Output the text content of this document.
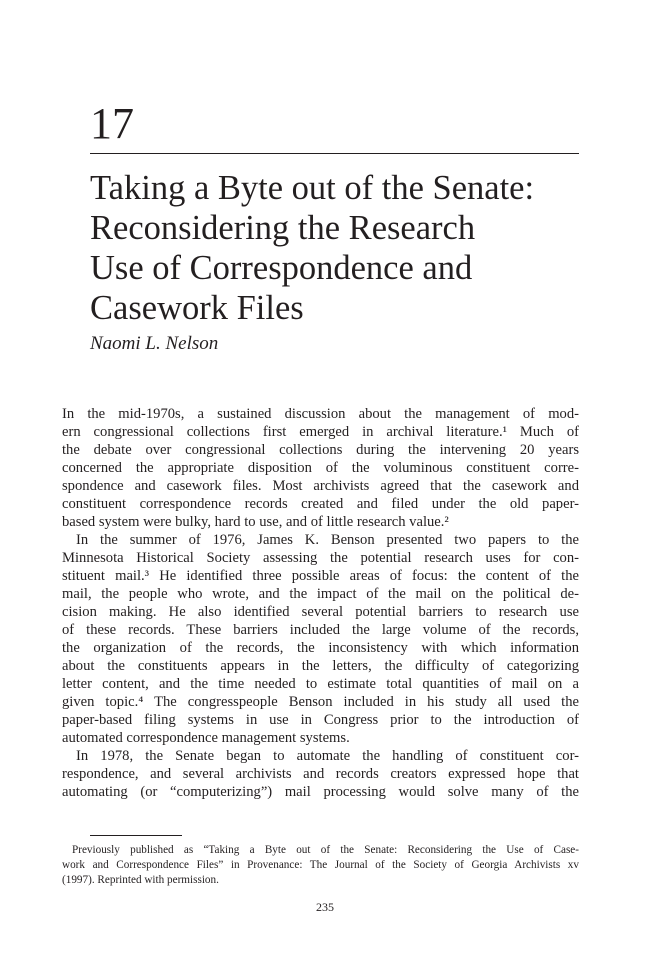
17
Taking a Byte out of the Senate:
Reconsidering the Research
Use of Correspondence and
Casework Files
Naomi L. Nelson
In the mid-1970s, a sustained discussion about the management of mod-
ern congressional collections first emerged in archival literature.¹ Much of
the debate over congressional collections during the intervening 20 years
concerned the appropriate disposition of the voluminous constituent corre-
spondence and casework files. Most archivists agreed that the casework and
constituent correspondence records created and filed under the old paper-
based system were bulky, hard to use, and of little research value.²
In the summer of 1976, James K. Benson presented two papers to the
Minnesota Historical Society assessing the potential research uses for con-
stituent mail.³ He identified three possible areas of focus: the content of the
mail, the people who wrote, and the impact of the mail on the political de-
cision making. He also identified several potential barriers to research use
of these records. These barriers included the large volume of the records,
the organization of the records, the inconsistency with which information
about the constituents appears in the letters, the difficulty of categorizing
letter content, and the time needed to estimate total quantities of mail on a
given topic.⁴ The congresspeople Benson included in his study all used the
paper-based filing systems in use in Congress prior to the introduction of
automated correspondence management systems.
In 1978, the Senate began to automate the handling of constituent cor-
respondence, and several archivists and records creators expressed hope that
automating (or “computerizing”) mail processing would solve many of the
Previously published as “Taking a Byte out of the Senate: Reconsidering the Use of Case-
work and Correspondence Files” in Provenance: The Journal of the Society of Georgia Archivists xv
(1997). Reprinted with permission.
235
